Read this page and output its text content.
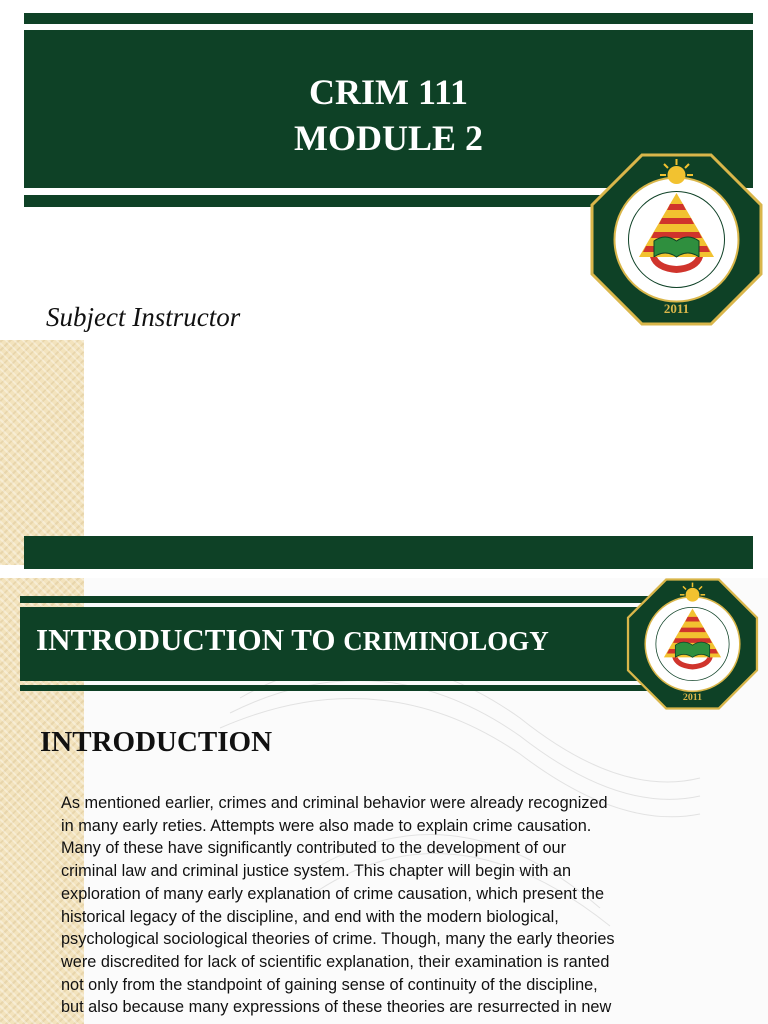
CRIM 111
MODULE 2
Subject Instructor	2011
INTRODUCTION TO CRIMINOLOGY
2011
INTRODUCTION
As mentioned earlier, crimes and criminal behavior were already recognized
in many early reties. Attempts were also made to explain crime causation.
Many of these have significantly contributed to the development of our
criminal law and criminal justice system. This chapter will begin with an
exploration of many early explanation of crime causation, which present the
historical legacy of the discipline, and end with the modern biological,
psychological sociological theories of crime. Though, many the early theories
were discredited for lack of scientific explanation, their examination is ranted
not only from the standpoint of gaining sense of continuity of the discipline,
but also because many expressions of these theories are resurrected in new
